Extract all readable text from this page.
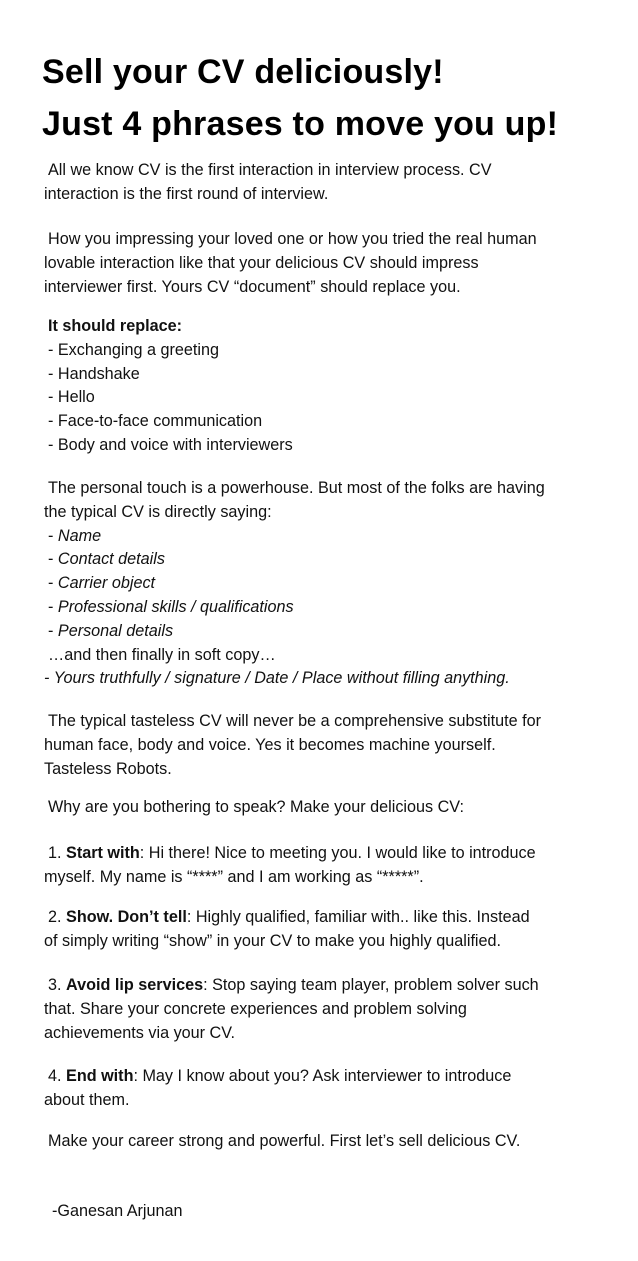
Sell your CV deliciously!
Just 4 phrases to move you up!
All we know CV is the first interaction in interview process. CV
interaction is the first round of interview.
How you impressing your loved one or how you tried the real human
lovable interaction like that your delicious CV should impress
interviewer first. Yours CV “document” should replace you.
It should replace:
- Exchanging a greeting
- Handshake
- Hello
- Face-to-face communication
- Body and voice with interviewers
The personal touch is a powerhouse. But most of the folks are having
the typical CV is directly saying:
- Name
- Contact details
- Carrier object
- Professional skills / qualifications
- Personal details
…and then finally in soft copy…
- Yours truthfully / signature / Date / Place without filling anything.
The typical tasteless CV will never be a comprehensive substitute for
human face, body and voice. Yes it becomes machine yourself.
Tasteless Robots.
Why are you bothering to speak? Make your delicious CV:
1. Start with: Hi there! Nice to meeting you. I would like to introduce
myself. My name is “****” and I am working as “*****”.
2. Show. Don’t tell: Highly qualified, familiar with.. like this. Instead
of simply writing “show” in your CV to make you highly qualified.
3. Avoid lip services: Stop saying team player, problem solver such
that. Share your concrete experiences and problem solving
achievements via your CV.
4. End with: May I know about you? Ask interviewer to introduce
about them.
Make your career strong and powerful. First let’s sell delicious CV.
-Ganesan Arjunan
